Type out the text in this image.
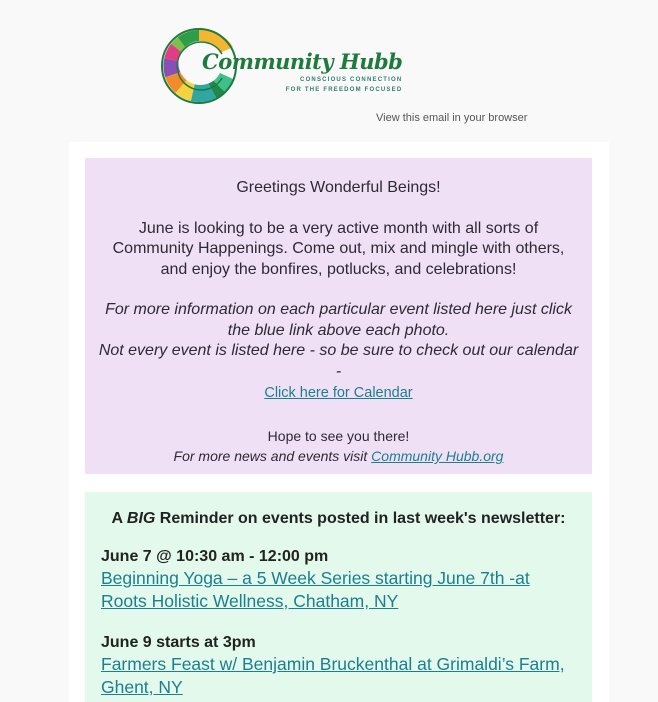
Community Hubb
CONSCIOUS CONNECTION
FOR THE FREEDOM FOCUSED
View this email in your browser

Greetings Wonderful Beings!

June is looking to be a very active month with all sorts of Community Happenings. Come out, mix and mingle with others, and enjoy the bonfires, potlucks, and celebrations!

For more information on each particular event listed here just click the blue link above each photo.

Not every event is listed here - so be sure to check out our calendar -

Click here for Calendar

Hope to see you there!

For more news and events visit Community Hubb.org

A BIG Reminder on events posted in last week's newsletter:
June 7 @ 10:30 am - 12:00 pm
Beginning Yoga – a 5 Week Series starting June 7th -at Roots Holistic Wellness, Chatham, NY
June 9 starts at 3pm
Farmers Feast w/ Benjamin Bruckenthal at Grimaldi’s Farm, Ghent, NY
